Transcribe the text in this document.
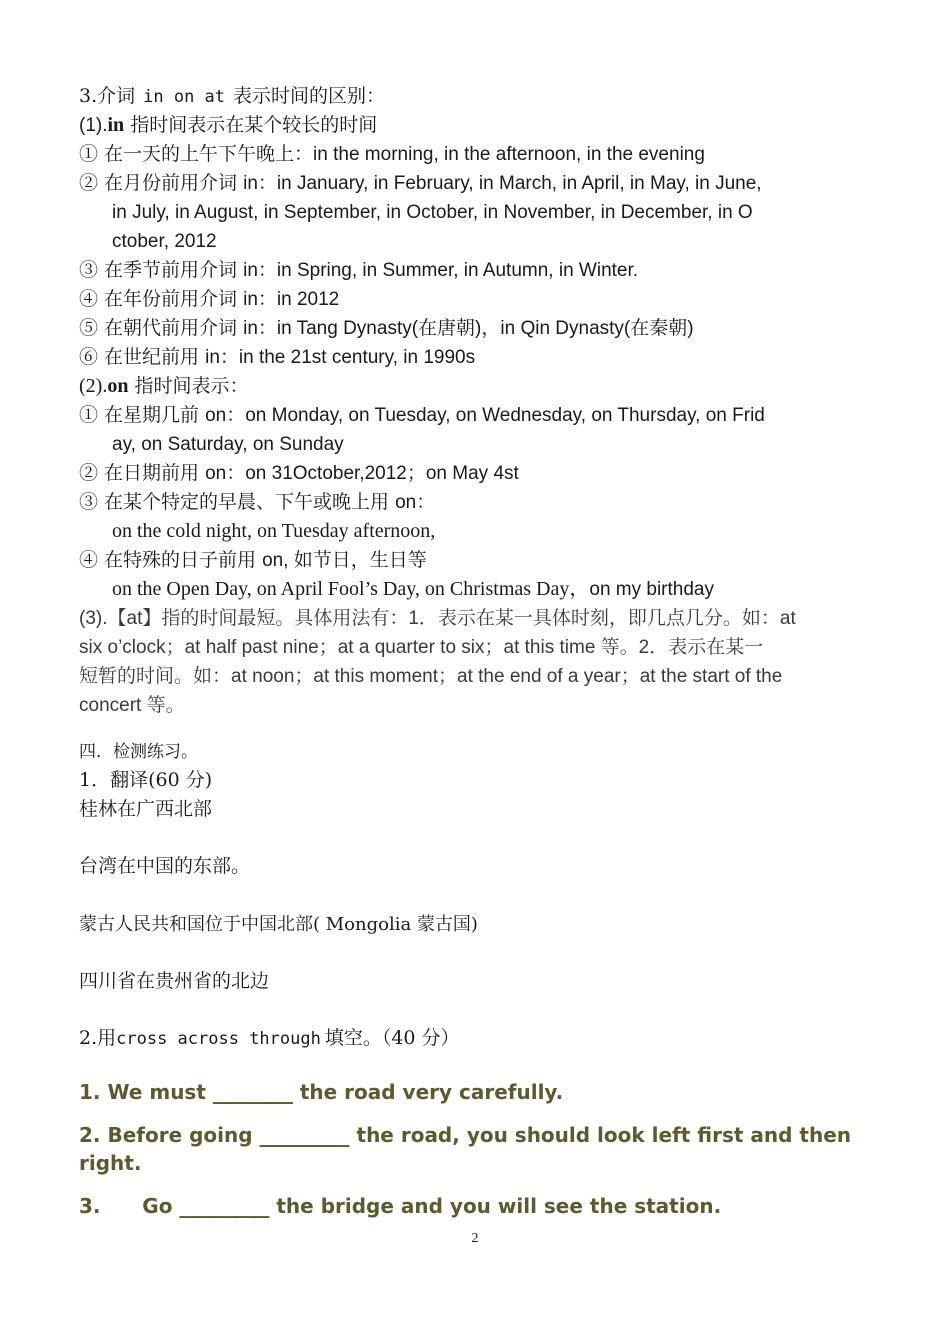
3.介词 in on at 表示时间的区别：
(1).in 指时间表示在某个较长的时间
① 在一天的上午下午晚上：in the morning, in the afternoon, in the evening
② 在月份前用介词 in：in January, in February, in March, in April, in May, in June,
in July, in August, in September, in October, in November, in December, in O
ctober, 2012
③ 在季节前用介词 in：in Spring, in Summer, in Autumn, in Winter.
④ 在年份前用介词 in：in 2012
⑤ 在朝代前用介词 in：in Tang Dynasty(在唐朝)，in Qin Dynasty(在秦朝)
⑥ 在世纪前用 in：in the 21st century, in 1990s
(2).on 指时间表示：
① 在星期几前 on：on Monday, on Tuesday, on Wednesday, on Thursday, on Frid
ay, on Saturday, on Sunday
② 在日期前用 on：on 31October,2012；on May 4st
③ 在某个特定的早晨、下午或晚上用 on：
on the cold night, on Tuesday afternoon,
④ 在特殊的日子前用 on, 如节日，生日等
on the Open Day, on April Fool’s Day, on Christmas Day，on my birthday
(3).【at】指的时间最短。具体用法有：1．表示在某一具体时刻，即几点几分。如：at
six o’clock；at half past nine；at a quarter to six；at this time 等。2．表示在某一
短暂的时间。如：at noon；at this moment；at the end of a year；at the start of the
concert 等。
四．检测练习。
1．翻译(60 分)
桂林在广西北部
台湾在中国的东部。
蒙古人民共和国位于中国北部( Mongolia 蒙古国)
四川省在贵州省的北边
2.用cross across through 填空。（40 分）
1. We must ________ the road very carefully.
2. Before going _________ the road, you should look left first and then right.
3.      Go _________ the bridge and you will see the station.
2
